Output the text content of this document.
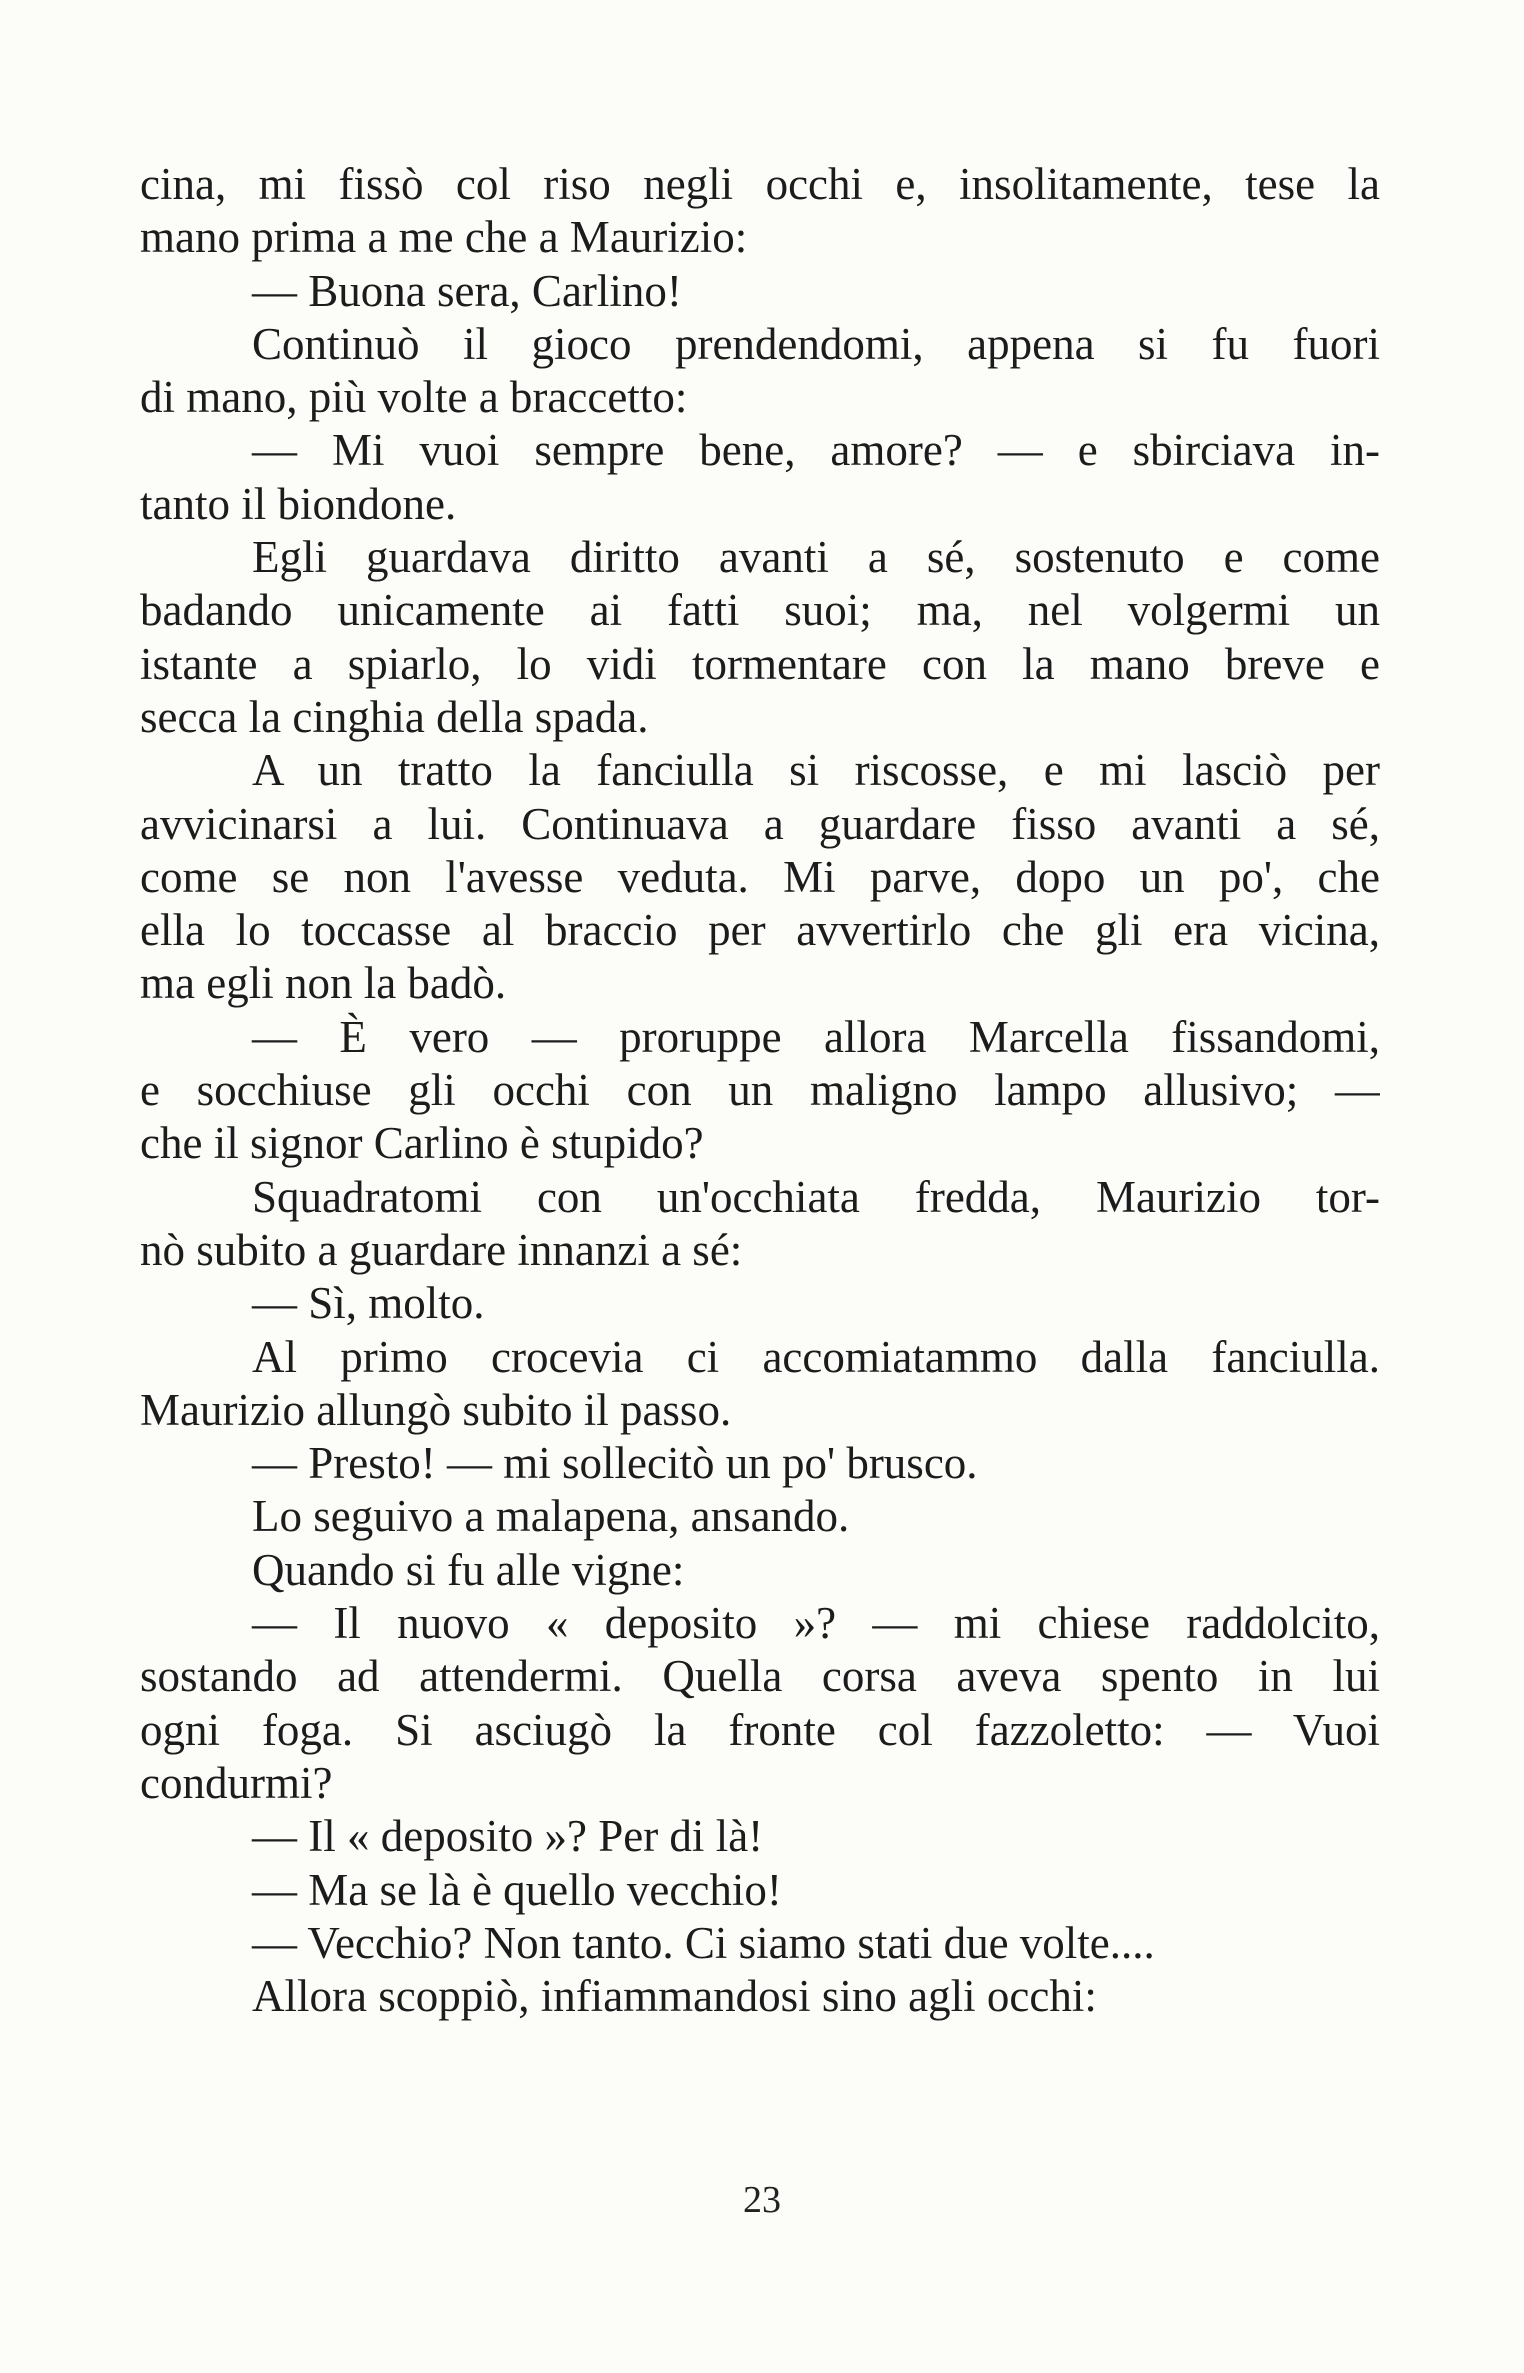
cina, mi fissò col riso negli occhi e, insolitamente, tese la
mano prima a me che a Maurizio:
— Buona sera, Carlino!
Continuò il gioco prendendomi, appena si fu fuori
di mano, più volte a braccetto:
— Mi vuoi sempre bene, amore? — e sbirciava in-
tanto il biondone.
Egli guardava diritto avanti a sé, sostenuto e come
badando unicamente ai fatti suoi; ma, nel volgermi un
istante a spiarlo, lo vidi tormentare con la mano breve e
secca la cinghia della spada.
A un tratto la fanciulla si riscosse, e mi lasciò per
avvicinarsi a lui. Continuava a guardare fisso avanti a sé,
come se non l'avesse veduta. Mi parve, dopo un po', che
ella lo toccasse al braccio per avvertirlo che gli era vicina,
ma egli non la badò.
— È vero — proruppe allora Marcella fissandomi,
e socchiuse gli occhi con un maligno lampo allusivo; —
che il signor Carlino è stupido?
Squadratomi con un'occhiata fredda, Maurizio tor-
nò subito a guardare innanzi a sé:
— Sì, molto.
Al primo crocevia ci accomiatammo dalla fanciulla.
Maurizio allungò subito il passo.
— Presto! — mi sollecitò un po' brusco.
Lo seguivo a malapena, ansando.
Quando si fu alle vigne:
— Il nuovo « deposito »? — mi chiese raddolcito,
sostando ad attendermi. Quella corsa aveva spento in lui
ogni foga. Si asciugò la fronte col fazzoletto: — Vuoi
condurmi?
— Il « deposito »? Per di là!
— Ma se là è quello vecchio!
— Vecchio? Non tanto. Ci siamo stati due volte....
Allora scoppiò, infiammandosi sino agli occhi:
23
